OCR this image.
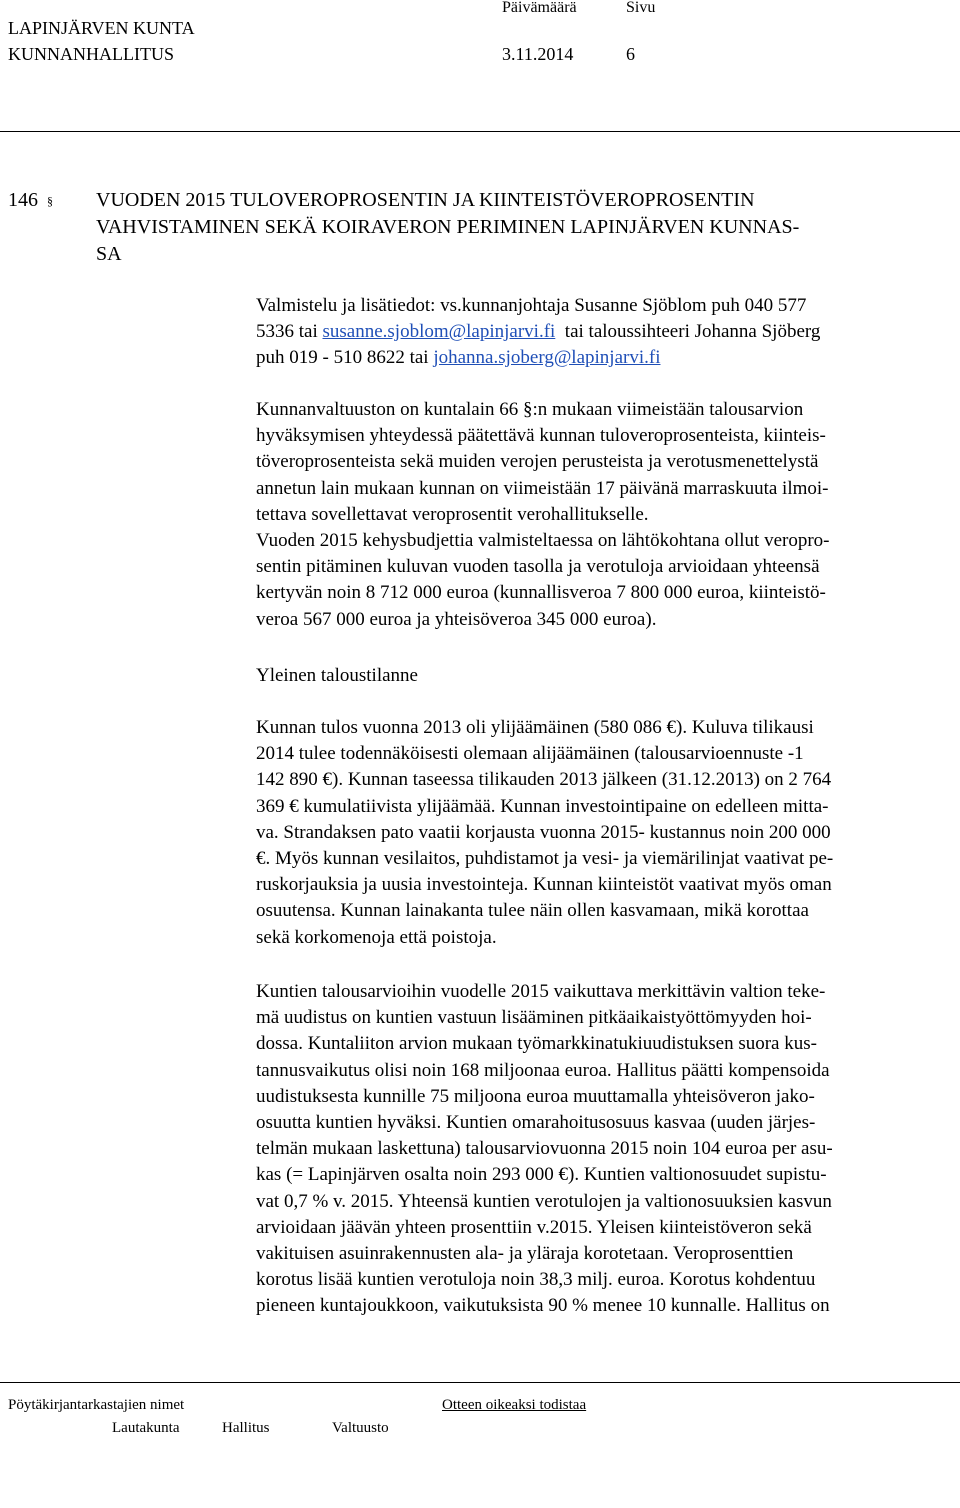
LAPINJÄRVEN KUNTA
KUNNANHALLITUS
Päivämäärä	Sivu
3.11.2014	6
146 § VUODEN 2015 TULOVEROPROSENTIN JA KIINTEISTÖVEROPROSENTIN
VAHVISTAMINEN SEKÄ KOIRAVERON PERIMINEN LAPINJÄRVEN KUNNAS-
SA
Valmistelu ja lisätiedot: vs.kunnanjohtaja Susanne Sjöblom puh 040 577
5336 tai susanne.sjoblom@lapinjarvi.fi  tai taloussihteeri Johanna Sjöberg
puh 019 - 510 8622 tai johanna.sjoberg@lapinjarvi.fi
Kunnanvaltuuston on kuntalain 66 §:n mukaan viimeistään talousarvion
hyväksymisen yhteydessä päätettävä kunnan tuloveroprosenteista, kiinteis-
töveroprosenteista sekä muiden verojen perusteista ja verotusmenettelystä
annetun lain mukaan kunnan on viimeistään 17 päivänä marraskuuta ilmoi-
tettava sovellettavat veroprosentit verohallitukselle.
Vuoden 2015 kehysbudjettia valmisteltaessa on lähtökohtana ollut veropro-
sentin pitäminen kuluvan vuoden tasolla ja verotuloja arvioidaan yhteensä
kertyvän noin 8 712 000 euroa (kunnallisveroa 7 800 000 euroa, kiinteistö-
veroa 567 000 euroa ja yhteisöveroa 345 000 euroa).
Yleinen taloustilanne
Kunnan tulos vuonna 2013 oli ylijäämäinen (580 086 €). Kuluva tilikausi
2014 tulee todennäköisesti olemaan alijäämäinen (talousarvioennuste -1
142 890 €). Kunnan taseessa tilikauden 2013 jälkeen (31.12.2013) on 2 764
369 € kumulatiivista ylijäämää. Kunnan investointipaine on edelleen mitta-
va. Strandaksen pato vaatii korjausta vuonna 2015- kustannus noin 200 000
€. Myös kunnan vesilaitos, puhdistamot ja vesi- ja viemärilinjat vaativat pe-
ruskorjauksia ja uusia investointeja. Kunnan kiinteistöt vaativat myös oman
osuutensa. Kunnan lainakanta tulee näin ollen kasvamaan, mikä korottaa
sekä korkomenoja että poistoja.
Kuntien talousarvioihin vuodelle 2015 vaikuttava merkittävin valtion teke-
mä uudistus on kuntien vastuun lisääminen pitkäaikaistyöttömyyden hoi-
dossa. Kuntaliiton arvion mukaan työmarkkinatukiuudistuksen suora kus-
tannusvaikutus olisi noin 168 miljoonaa euroa. Hallitus päätti kompensoida
uudistuksesta kunnille 75 miljoona euroa muuttamalla yhteisöveron jako-
osuutta kuntien hyväksi. Kuntien omarahoitusosuus kasvaa (uuden järjes-
telmän mukaan laskettuna) talousarviovuonna 2015 noin 104 euroa per asu-
kas (= Lapinjärven osalta noin 293 000 €). Kuntien valtionosuudet supistu-
vat 0,7 % v. 2015. Yhteensä kuntien verotulojen ja valtionosuuksien kasvun
arvioidaan jäävän yhteen prosenttiin v.2015. Yleisen kiinteistöveron sekä
vakituisen asuinrakennusten ala- ja yläraja korotetaan. Veroprosenttien
korotus lisää kuntien verotuloja noin 38,3 milj. euroa. Korotus kohdentuu
pieneen kuntajoukkoon, vaikutuksista 90 % menee 10 kunnalle. Hallitus on
Pöytäkirjantarkastajien nimet	Otteen oikeaksi todistaa
Lautakunta	Hallitus	Valtuusto
